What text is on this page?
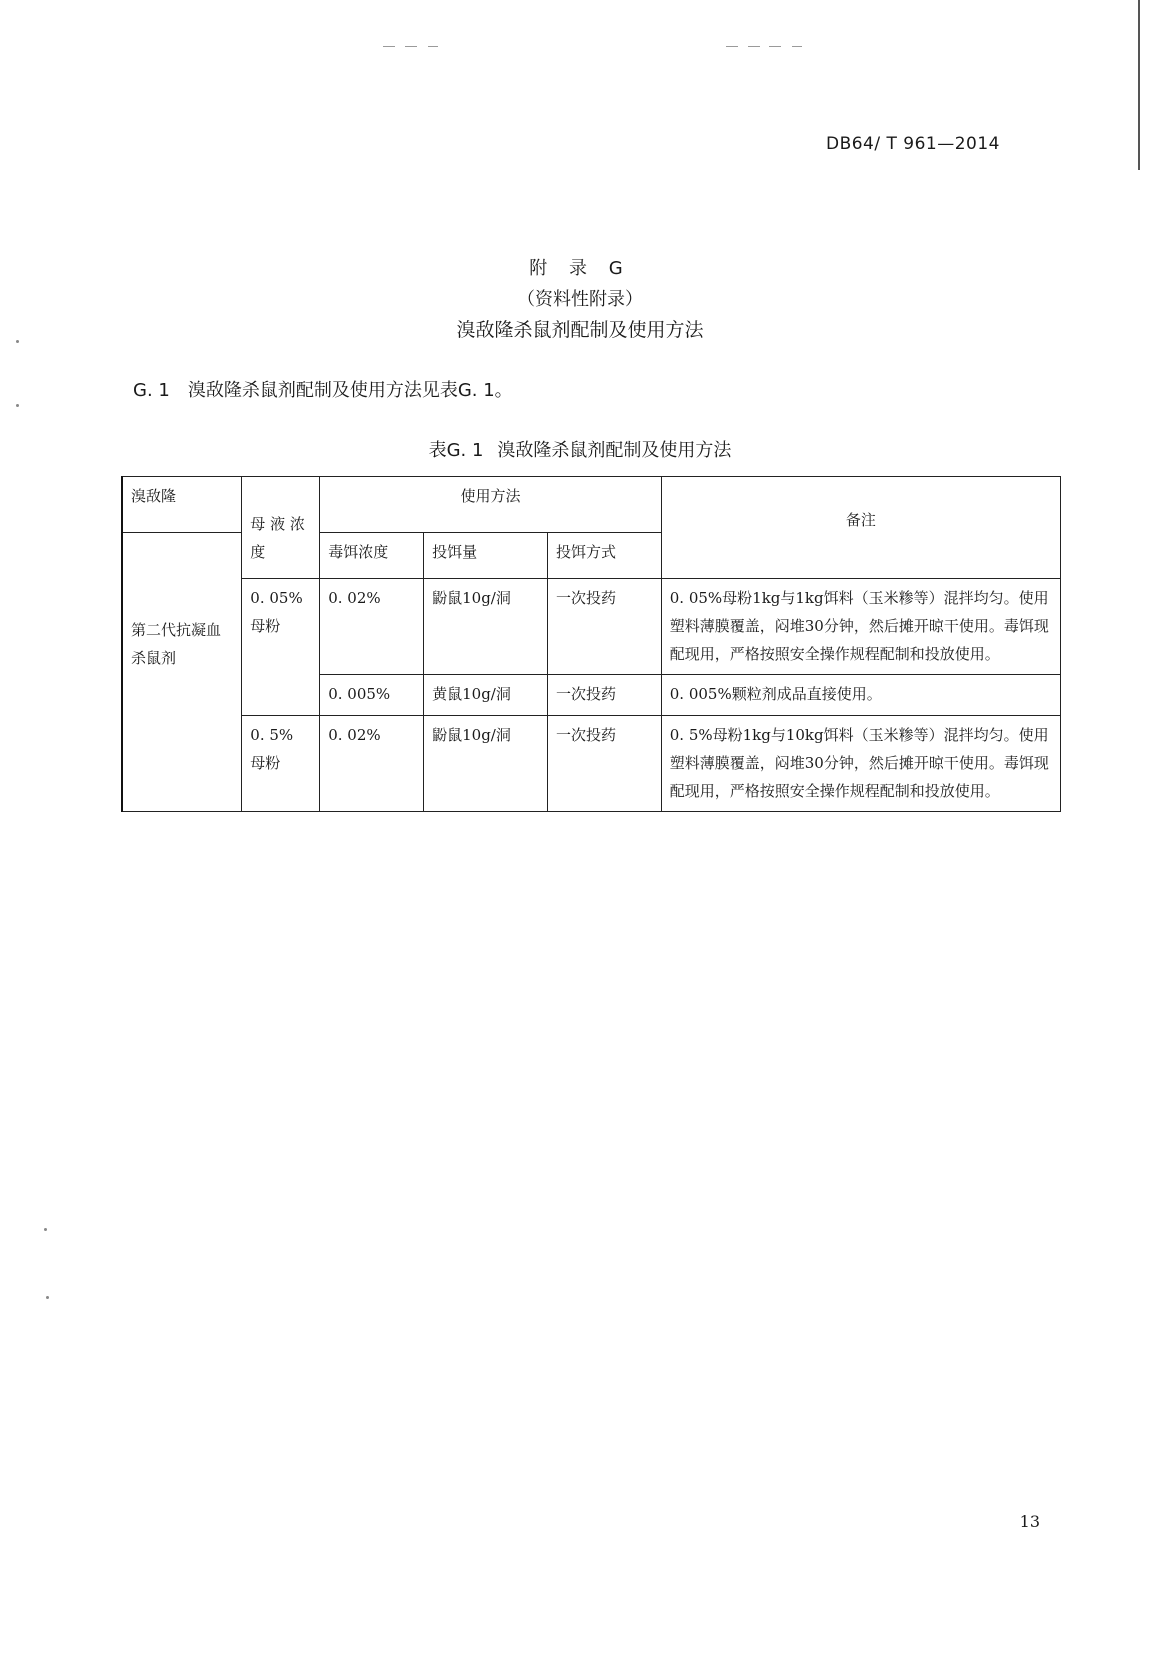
DB64/ T 961—2014
附 录 G
（资料性附录）
溴敌隆杀鼠剂配制及使用方法
G. 1 溴敌隆杀鼠剂配制及使用方法见表G. 1。
表G. 1 溴敌隆杀鼠剂配制及使用方法
溴敌隆	母 液 浓度	使用方法			备注
第二代抗凝血杀鼠剂		毒饵浓度	投饵量	投饵方式	
	0. 05%母粉	0. 02%	鼢鼠10g/洞	一次投药	0. 05%母粉1kg与1kg饵料（玉米糁等）混拌均匀。使用塑料薄膜覆盖，闷堆30分钟，然后摊开晾干使用。毒饵现配现用，严格按照安全操作规程配制和投放使用。
		0. 005%	黄鼠10g/洞	一次投药	0. 005%颗粒剂成品直接使用。
	0. 5% 母粉	0. 02%	鼢鼠10g/洞	一次投药	0. 5%母粉1kg与10kg饵料（玉米糁等）混拌均匀。使用塑料薄膜覆盖，闷堆30分钟，然后摊开晾干使用。毒饵现配现用，严格按照安全操作规程配制和投放使用。
13
